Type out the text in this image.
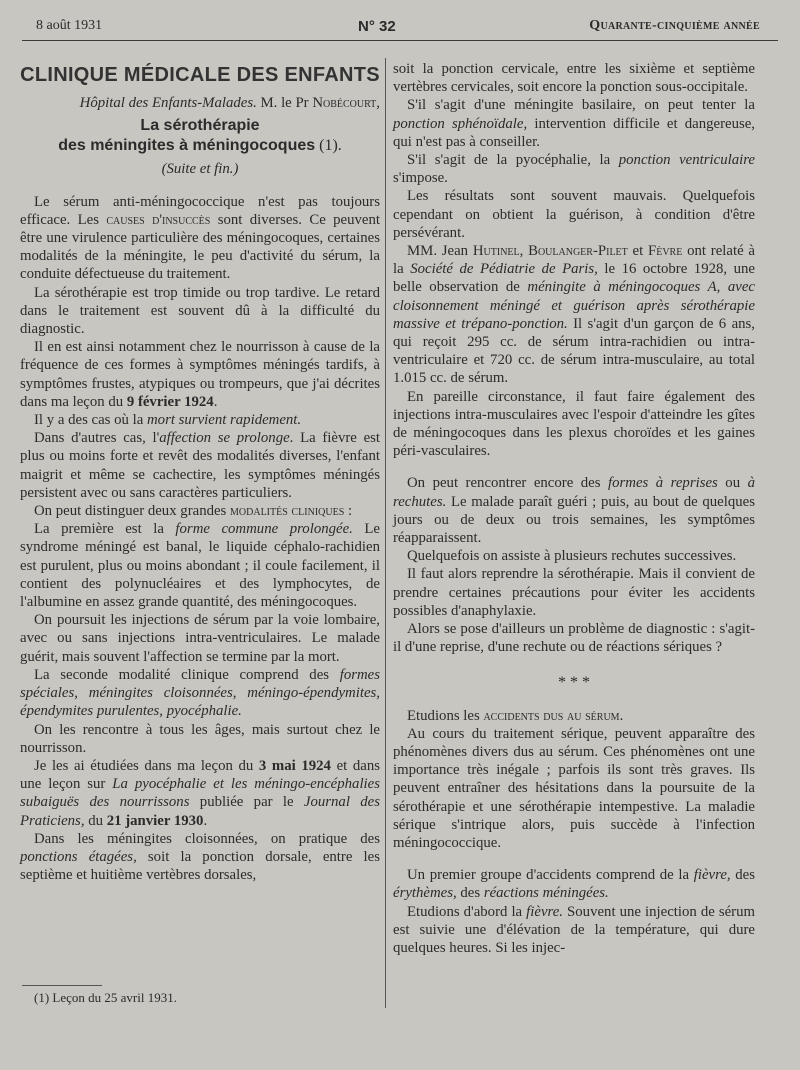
8 août 1931	N° 32	Quarante-cinquième année
CLINIQUE MÉDICALE DES ENFANTS
Hôpital des Enfants-Malades. M. le Pr Nobécourt,
La sérothérapie
des méningites à méningocoques (1).
(Suite et fin.)

Le sérum anti-méningococcique n'est pas toujours efficace. Les causes d'insuccès sont diverses. Ce peuvent être une virulence particulière des méningocoques, certaines modalités de la méningite, le peu d'activité du sérum, la conduite défectueuse du traitement.

La sérothérapie est trop timide ou trop tardive. Le retard dans le traitement est souvent dû à la difficulté du diagnostic.

Il en est ainsi notamment chez le nourrisson à cause de la fréquence de ces formes à symptômes méningés tardifs, à symptômes frustes, atypiques ou trompeurs, que j'ai décrites dans ma leçon du 9 février 1924.

Il y a des cas où la mort survient rapidement.

Dans d'autres cas, l'affection se prolonge. La fièvre est plus ou moins forte et revêt des modalités diverses, l'enfant maigrit et même se cachectire, les symptômes méningés persistent avec ou sans caractères particuliers.

On peut distinguer deux grandes modalités cliniques :

La première est la forme commune prolongée. Le syndrome méningé est banal, le liquide céphalo-rachidien est purulent, plus ou moins abondant ; il coule facilement, il contient des polynucléaires et des lymphocytes, de l'albumine en assez grande quantité, des méningocoques.

On poursuit les injections de sérum par la voie lombaire, avec ou sans injections intra-ventriculaires. Le malade guérit, mais souvent l'affection se termine par la mort.

La seconde modalité clinique comprend des formes spéciales, méningites cloisonnées, méningo-épendymites, épendymites purulentes, pyocéphalie.

On les rencontre à tous les âges, mais surtout chez le nourrisson.

Je les ai étudiées dans ma leçon du 3 mai 1924 et dans une leçon sur La pyocéphalie et les méningo-encéphalies subaiguës des nourrissons publiée par le Journal des Praticiens, du 21 janvier 1930.

Dans les méningites cloisonnées, on pratique des ponctions étagées, soit la ponction dorsale, entre les septième et huitième vertèbres dorsales,

(1) Leçon du 25 avril 1931.

soit la ponction cervicale, entre les sixième et septième vertèbres cervicales, soit encore la ponction sous-occipitale.

S'il s'agit d'une méningite basilaire, on peut tenter la ponction sphénoïdale, intervention difficile et dangereuse, qui n'est pas à conseiller.

S'il s'agit de la pyocéphalie, la ponction ventriculaire s'impose.

Les résultats sont souvent mauvais. Quelquefois cependant on obtient la guérison, à condition d'être persévérant.

MM. Jean Hutinel, Boulanger-Pilet et Fèvre ont relaté à la Société de Pédiatrie de Paris, le 16 octobre 1928, une belle observation de méningite à méningocoques A, avec cloisonnement méningé et guérison après sérothérapie massive et trépano-ponction. Il s'agit d'un garçon de 6 ans, qui reçoit 295 cc. de sérum intra-rachidien ou intra-ventriculaire et 720 cc. de sérum intra-musculaire, au total 1.015 cc. de sérum.

En pareille circonstance, il faut faire également des injections intra-musculaires avec l'espoir d'atteindre les gîtes de méningocoques dans les plexus choroïdes et les gaines péri-vasculaires.

On peut rencontrer encore des formes à reprises ou à rechutes. Le malade paraît guéri ; puis, au bout de quelques jours ou de deux ou trois semaines, les symptômes réapparaissent.

Quelquefois on assiste à plusieurs rechutes successives.

Il faut alors reprendre la sérothérapie. Mais il convient de prendre certaines précautions pour éviter les accidents possibles d'anaphylaxie.

Alors se pose d'ailleurs un problème de diagnostic : s'agit-il d'une reprise, d'une rechute ou de réactions sériques ?

* * *

Etudions les accidents dus au sérum.

Au cours du traitement sérique, peuvent apparaître des phénomènes divers dus au sérum. Ces phénomènes ont une importance très inégale ; parfois ils sont très graves. Ils peuvent entraîner des hésitations dans la poursuite de la sérothérapie et une sérothérapie intempestive. La maladie sérique s'intrique alors, puis succède à l'infection méningococcique.

Un premier groupe d'accidents comprend de la fièvre, des érythèmes, des réactions méningées.

Etudions d'abord la fièvre. Souvent une injection de sérum est suivie une d'élévation de la température, qui dure quelques heures. Si les injec-
